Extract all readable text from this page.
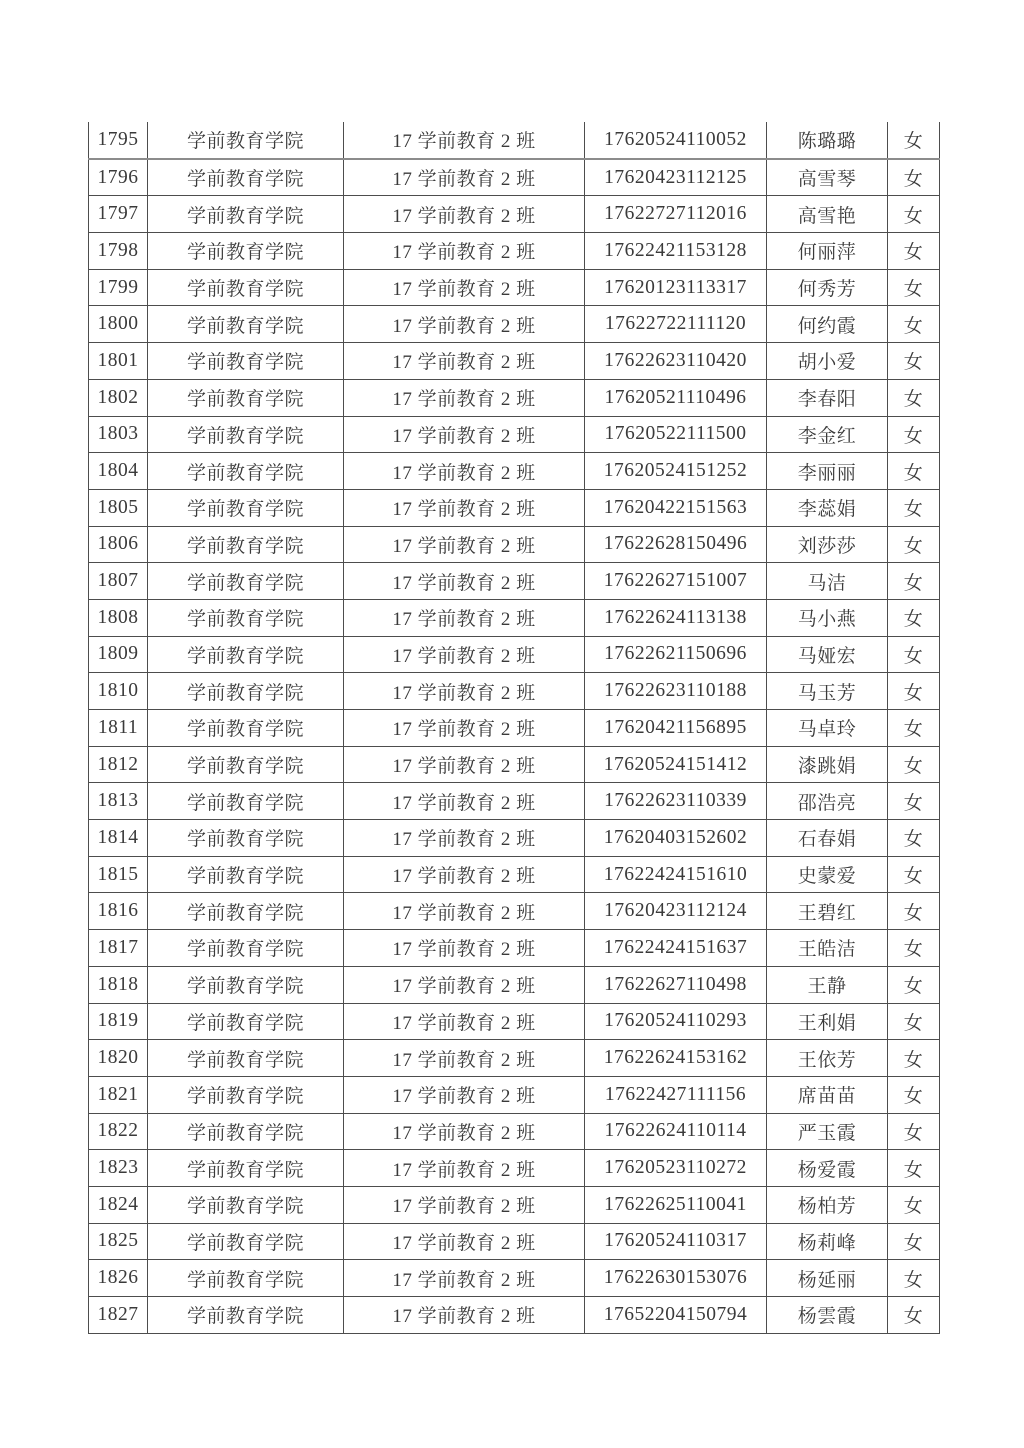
1795	学前教育学院	17 学前教育 2 班	17620524110052	陈璐璐	女
1796	学前教育学院	17 学前教育 2 班	17620423112125	高雪琴	女
1797	学前教育学院	17 学前教育 2 班	17622727112016	高雪艳	女
1798	学前教育学院	17 学前教育 2 班	17622421153128	何丽萍	女
1799	学前教育学院	17 学前教育 2 班	17620123113317	何秀芳	女
1800	学前教育学院	17 学前教育 2 班	17622722111120	何约霞	女
1801	学前教育学院	17 学前教育 2 班	17622623110420	胡小爱	女
1802	学前教育学院	17 学前教育 2 班	17620521110496	李春阳	女
1803	学前教育学院	17 学前教育 2 班	17620522111500	李金红	女
1804	学前教育学院	17 学前教育 2 班	17620524151252	李丽丽	女
1805	学前教育学院	17 学前教育 2 班	17620422151563	李蕊娟	女
1806	学前教育学院	17 学前教育 2 班	17622628150496	刘莎莎	女
1807	学前教育学院	17 学前教育 2 班	17622627151007	马洁	女
1808	学前教育学院	17 学前教育 2 班	17622624113138	马小燕	女
1809	学前教育学院	17 学前教育 2 班	17622621150696	马娅宏	女
1810	学前教育学院	17 学前教育 2 班	17622623110188	马玉芳	女
1811	学前教育学院	17 学前教育 2 班	17620421156895	马卓玲	女
1812	学前教育学院	17 学前教育 2 班	17620524151412	漆跳娟	女
1813	学前教育学院	17 学前教育 2 班	17622623110339	邵浩亮	女
1814	学前教育学院	17 学前教育 2 班	17620403152602	石春娟	女
1815	学前教育学院	17 学前教育 2 班	17622424151610	史蒙爱	女
1816	学前教育学院	17 学前教育 2 班	17620423112124	王碧红	女
1817	学前教育学院	17 学前教育 2 班	17622424151637	王皓洁	女
1818	学前教育学院	17 学前教育 2 班	17622627110498	王静	女
1819	学前教育学院	17 学前教育 2 班	17620524110293	王利娟	女
1820	学前教育学院	17 学前教育 2 班	17622624153162	王依芳	女
1821	学前教育学院	17 学前教育 2 班	17622427111156	席苗苗	女
1822	学前教育学院	17 学前教育 2 班	17622624110114	严玉霞	女
1823	学前教育学院	17 学前教育 2 班	17620523110272	杨爱霞	女
1824	学前教育学院	17 学前教育 2 班	17622625110041	杨柏芳	女
1825	学前教育学院	17 学前教育 2 班	17620524110317	杨莉峰	女
1826	学前教育学院	17 学前教育 2 班	17622630153076	杨延丽	女
1827	学前教育学院	17 学前教育 2 班	17652204150794	杨雲霞	女
